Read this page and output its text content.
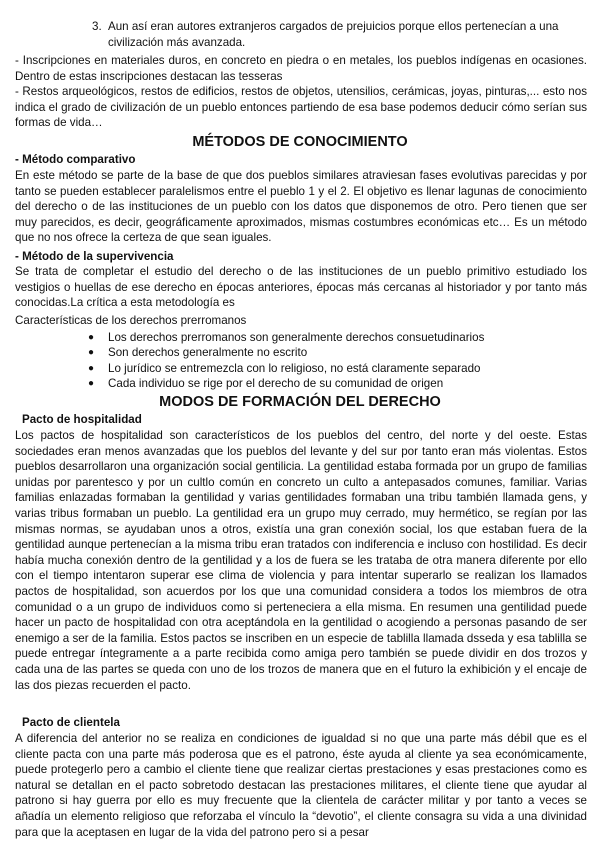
3. Aun así eran autores extranjeros cargados de prejuicios porque ellos pertenecían a una civilización más avanzada.

- Inscripciones en materiales duros, en concreto en piedra o en metales, los pueblos indígenas en ocasiones. Dentro de estas inscripciones destacan las tesseras

- Restos arqueológicos, restos de edificios, restos de objetos, utensilios, cerámicas, joyas, pinturas,... esto nos indica el grado de civilización de un pueblo entonces partiendo de esa base podemos deducir cómo serían sus formas de vida…

MÉTODOS DE CONOCIMIENTO

- Método comparativo

En este método se parte de la base de que dos pueblos similares atraviesan fases evolutivas parecidas y por tanto se pueden establecer paralelismos entre el pueblo 1 y el 2. El objetivo es llenar lagunas de conocimiento del derecho o de las instituciones de un pueblo con los datos que disponemos de otro. Pero tienen que ser muy parecidos, es decir, geográficamente aproximados, mismas costumbres económicas etc… Es un método que no nos ofrece la certeza de que sean iguales.

- Método de la supervivencia

Se trata de completar el estudio del derecho o de las instituciones de un pueblo primitivo estudiado los vestigios o huellas de ese derecho en épocas anteriores, épocas más cercanas al historiador y por tanto más conocidas.La crítica a esta metodología es

Características de los derechos prerromanos

●	Los derechos prerromanos son generalmente derechos consuetudinarios
●	Son derechos generalmente no escrito
●	Lo jurídico se entremezcla con lo religioso, no está claramente separado
●	Cada individuo se rige por el derecho de su comunidad de origen
MODOS DE FORMACIÓN DEL DERECHO

Pacto de hospitalidad

Los pactos de hospitalidad son característicos de los pueblos del centro, del norte y del oeste. Estas sociedades eran menos avanzadas que los pueblos del levante y del sur por tanto eran más violentas. Estos pueblos desarrollaron una organización social gentilicia. La gentilidad estaba formada por un grupo de familias unidas por parentesco y por un cultlo común en concreto un culto a antepasados comunes, familiar. Varias familias enlazadas formaban la gentilidad y varias gentilidades formaban una tribu también llamada gens, y varias tribus formaban un pueblo. La gentilidad era un grupo muy cerrado, muy hermético, se regían por las mismas normas, se ayudaban unos a otros, existía una gran conexión social, los que estaban fuera de la gentilidad aunque pertenecían a la misma tribu eran tratados con indiferencia e incluso con hostilidad. Es decir había mucha conexión dentro de la gentilidad y a los de fuera se les trataba de otra manera diferente por ello con el tiempo intentaron superar ese clima de violencia y para intentar superarlo se realizan los llamados pactos de hospitalidad, son acuerdos por los que una comunidad considera a todos los miembros de otra comunidad o a un grupo de individuos como si perteneciera a ella misma. En resumen una gentilidad puede hacer un pacto de hospitalidad con otra aceptándola en la gentilidad o acogiendo a personas pasando de ser enemigo a ser de la familia. Estos pactos se inscriben en un especie de tablilla llamada dsseda y esa tablilla se puede entregar íntegramente a a parte recibida como amiga pero también se puede dividir en dos trozos y cada una de las partes se queda con uno de los trozos de manera que en el futuro la exhibición y el encaje de las dos piezas recuerden el pacto.

Pacto de clientela

A diferencia del anterior no se realiza en condiciones de igualdad si no que una parte más débil que es el cliente pacta con una parte más poderosa que es el patrono, éste ayuda al cliente ya sea económicamente, puede protegerlo pero a cambio el cliente tiene que realizar ciertas prestaciones y esas prestaciones como es natural se detallan en el pacto sobretodo destacan las prestaciones militares, el cliente tiene que ayudar al patrono si hay guerra por ello es muy frecuente que la clientela de carácter militar y por tanto a veces se añadía un elemento religioso que reforzaba el vínculo la “devotio”, el cliente consagra su vida a una divinidad para que la aceptasen en lugar de la vida del patrono pero si a pesar
